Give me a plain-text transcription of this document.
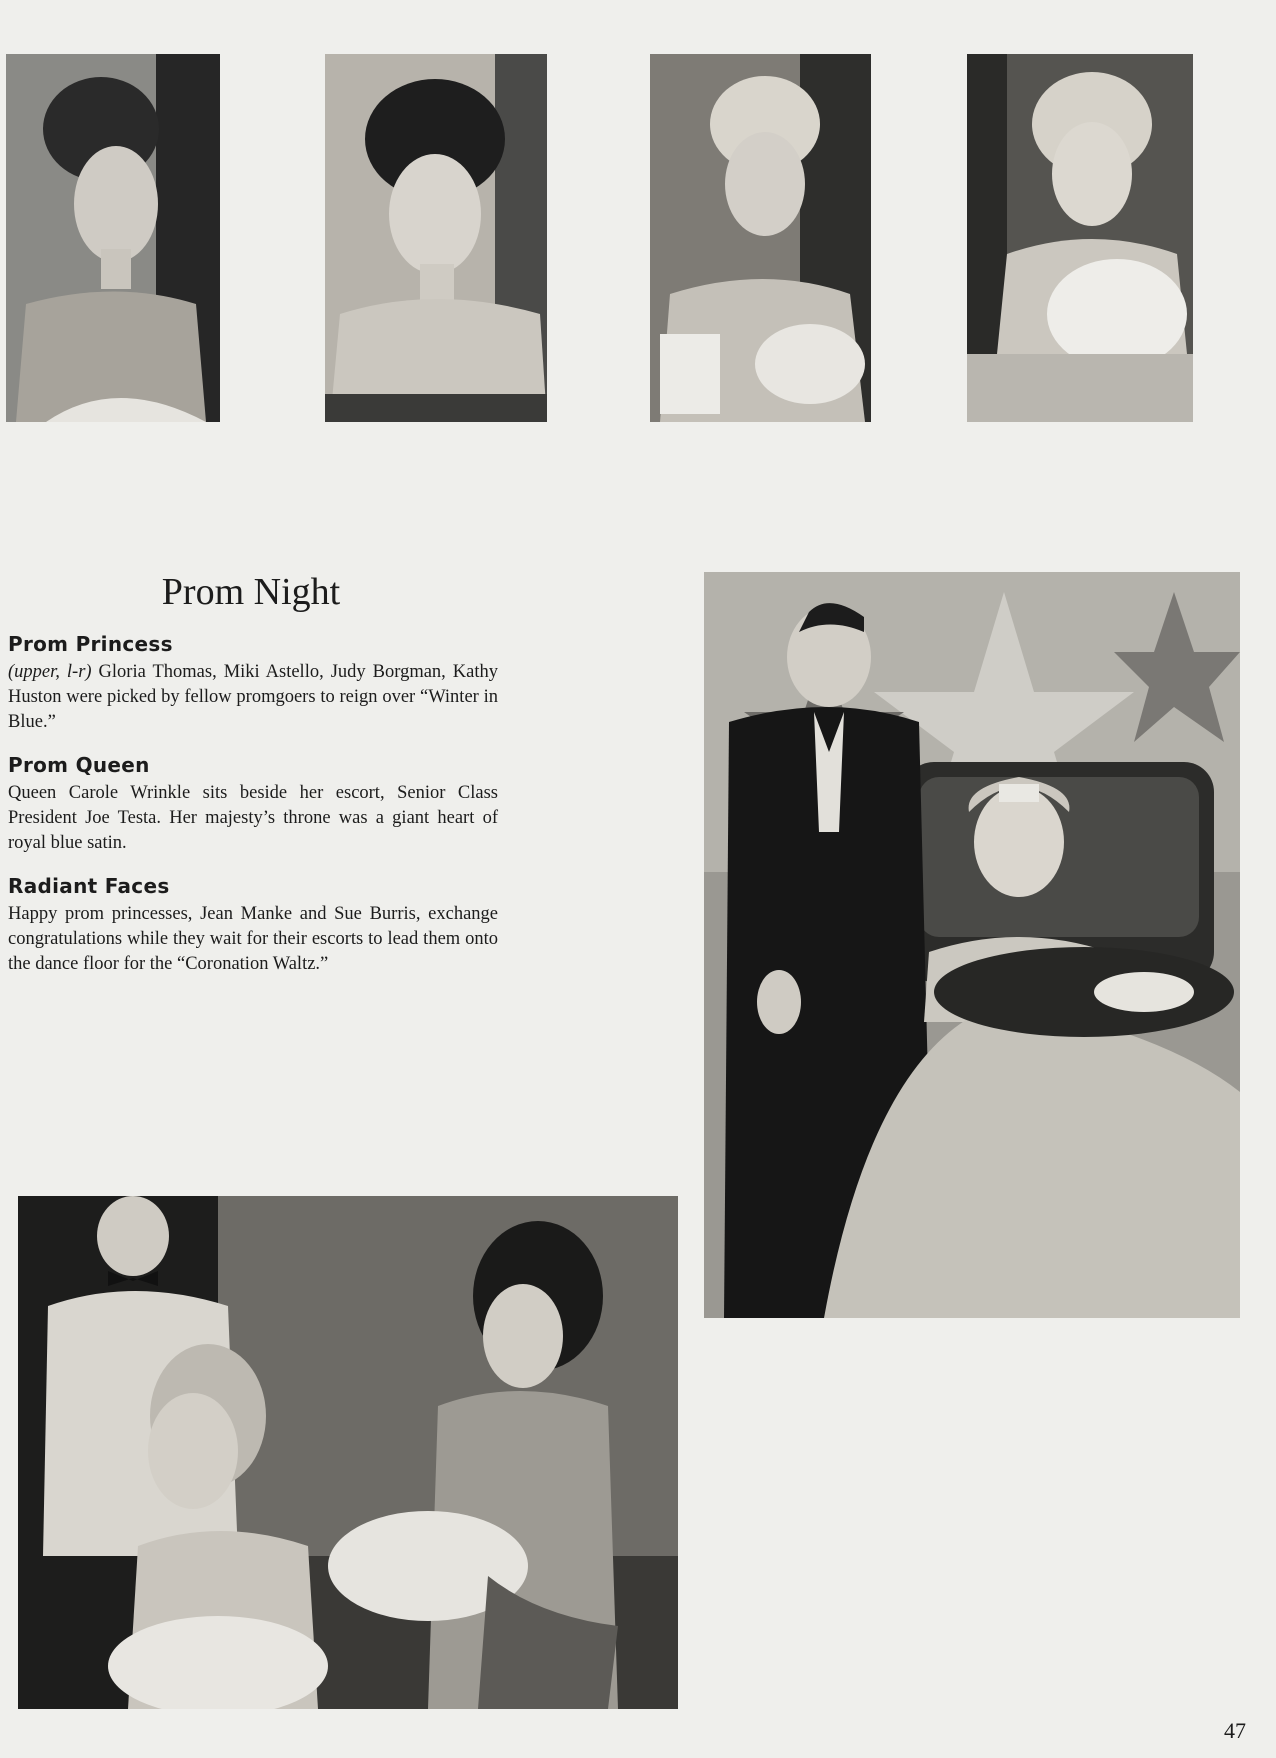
Prom Night
Prom Princess

(upper, l-r) Gloria Thomas, Miki Astello, Judy Borgman, Kathy Huston were picked by fellow promgoers to reign over “Winter in Blue.”

Prom Queen

Queen Carole Wrinkle sits beside her escort, Senior Class President Joe Testa. Her majesty’s throne was a giant heart of royal blue satin.

Radiant Faces

Happy prom princesses, Jean Manke and Sue Burris, exchange congratulations while they wait for their escorts to lead them onto the dance floor for the “Coronation Waltz.”

47
